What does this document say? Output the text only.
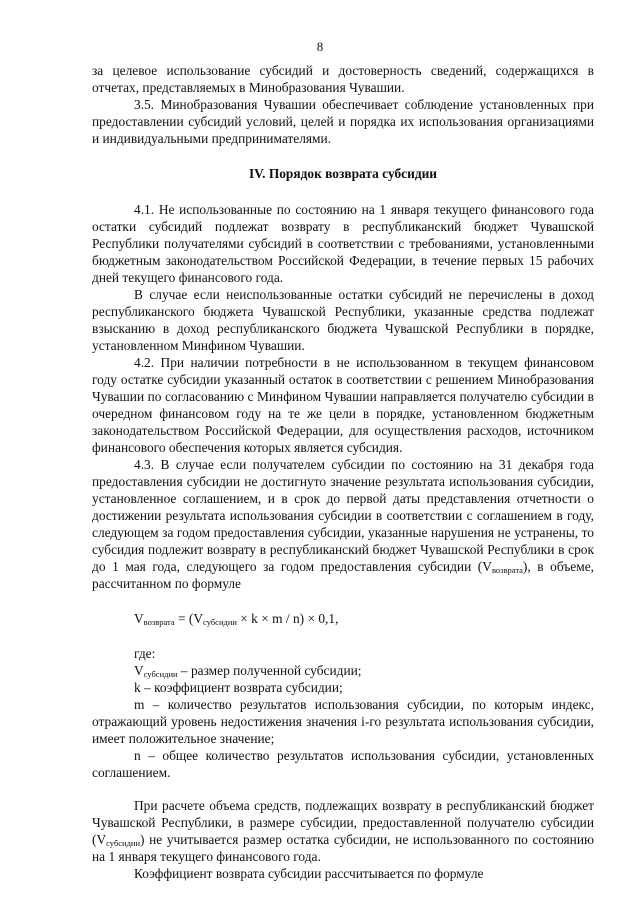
8

за целевое использование субсидий и достоверность сведений, содержащихся в отчетах, представляемых в Минобразования Чувашии.

3.5. Минобразования Чувашии обеспечивает соблюдение установленных при предоставлении субсидий условий, целей и порядка их использования организациями и индивидуальными предпринимателями.

IV. Порядок возврата субсидии

4.1. Не использованные по состоянию на 1 января текущего финансового года остатки субсидий подлежат возврату в республиканский бюджет Чувашской Республики получателями субсидий в соответствии с требованиями, установленными бюджетным законодательством Российской Федерации, в течение первых 15 рабочих дней текущего финансового года.

В случае если неиспользованные остатки субсидий не перечислены в доход республиканского бюджета Чувашской Республики, указанные средства подлежат взысканию в доход республиканского бюджета Чувашской Республики в порядке, установленном Минфином Чувашии.

4.2. При наличии потребности в не использованном в текущем финансовом году остатке субсидии указанный остаток в соответствии с решением Минобразования Чувашии по согласованию с Минфином Чувашии направляется получателю субсидии в очередном финансовом году на те же цели в порядке, установленном бюджетным законодательством Российской Федерации, для осуществления расходов, источником финансового обеспечения которых является субсидия.

4.3. В случае если получателем субсидии по состоянию на 31 декабря года предоставления субсидии не достигнуто значение результата использования субсидии, установленное соглашением, и в срок до первой даты представления отчетности о достижении результата использования субсидии в соответствии с соглашением в году, следующем за годом предоставления субсидии, указанные нарушения не устранены, то субсидия подлежит возврату в республиканский бюджет Чувашской Республики в срок до 1 мая года, следующего за годом предоставления субсидии $(V_{возврата})$, в объеме, рассчитанном по формуле

$V_{возврата} = (V_{субсидии} \times k \times m / n) \times 0,1$,

где:

$V_{субсидии}$ – размер полученной субсидии;

k – коэффициент возврата субсидии;

m – количество результатов использования субсидии, по которым индекс, отражающий уровень недостижения значения i-го результата использования субсидии, имеет положительное значение;

n – общее количество результатов использования субсидии, установленных соглашением.

При расчете объема средств, подлежащих возврату в республиканский бюджет Чувашской Республики, в размере субсидии, предоставленной получателю субсидии $(V_{субсидии})$ не учитывается размер остатка субсидии, не использованного по состоянию на 1 января текущего финансового года.

Коэффициент возврата субсидии рассчитывается по формуле
